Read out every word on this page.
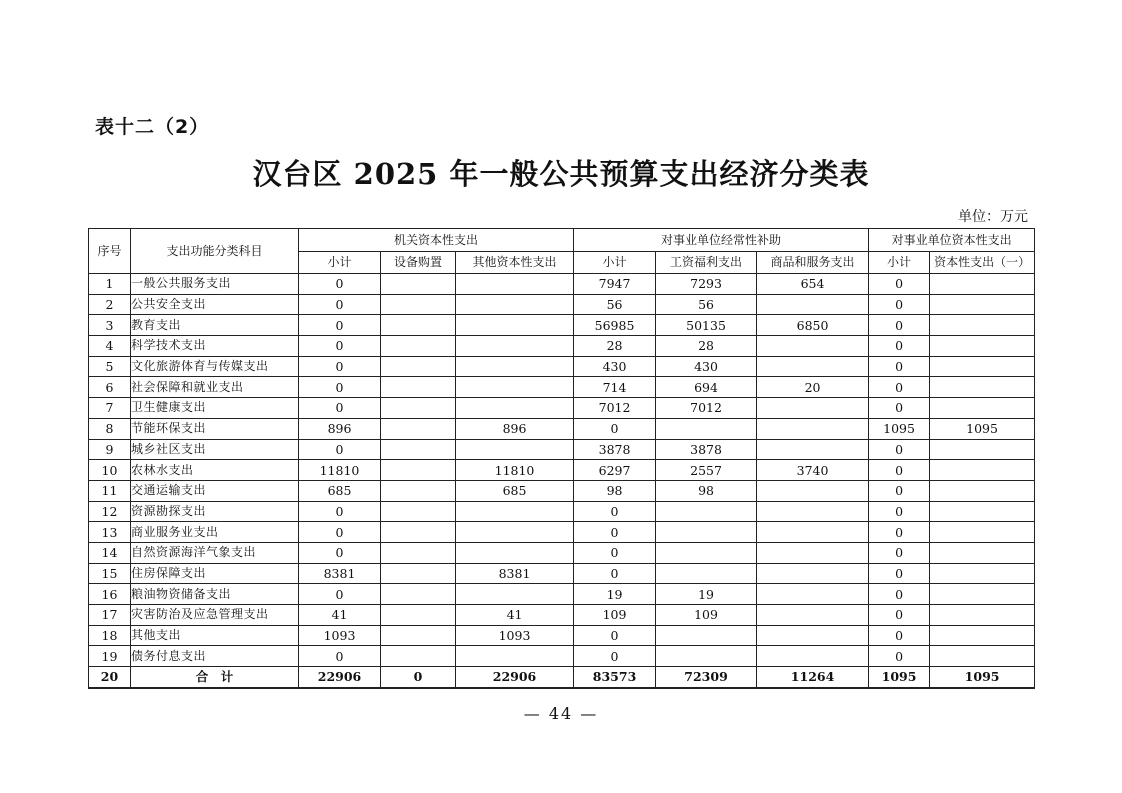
表十二（2）
汉台区 2025 年一般公共预算支出经济分类表
单位：万元
序号	支出功能分类科目	机关资本性支出			对事业单位经常性补助			对事业单位资本性支出	
		小计	设备购置	其他资本性支出	小计	工资福利支出	商品和服务支出	小计	资本性支出（一）
1	一般公共服务支出	0			7947	7293	654	0	
2	公共安全支出	0			56	56		0	
3	教育支出	0			56985	50135	6850	0	
4	科学技术支出	0			28	28		0	
5	文化旅游体育与传媒支出	0			430	430		0	
6	社会保障和就业支出	0			714	694	20	0	
7	卫生健康支出	0			7012	7012		0	
8	节能环保支出	896		896	0			1095	1095
9	城乡社区支出	0			3878	3878		0	
10	农林水支出	11810		11810	6297	2557	3740	0	
11	交通运输支出	685		685	98	98		0	
12	资源勘探支出	0			0			0	
13	商业服务业支出	0			0			0	
14	自然资源海洋气象支出	0			0			0	
15	住房保障支出	8381		8381	0			0	
16	粮油物资储备支出	0			19	19		0	
17	灾害防治及应急管理支出	41		41	109	109		0	
18	其他支出	1093		1093	0			0	
19	债务付息支出	0			0			0	
20	合　计	22906	0	22906	83573	72309	11264	1095	1095
— 44 —
